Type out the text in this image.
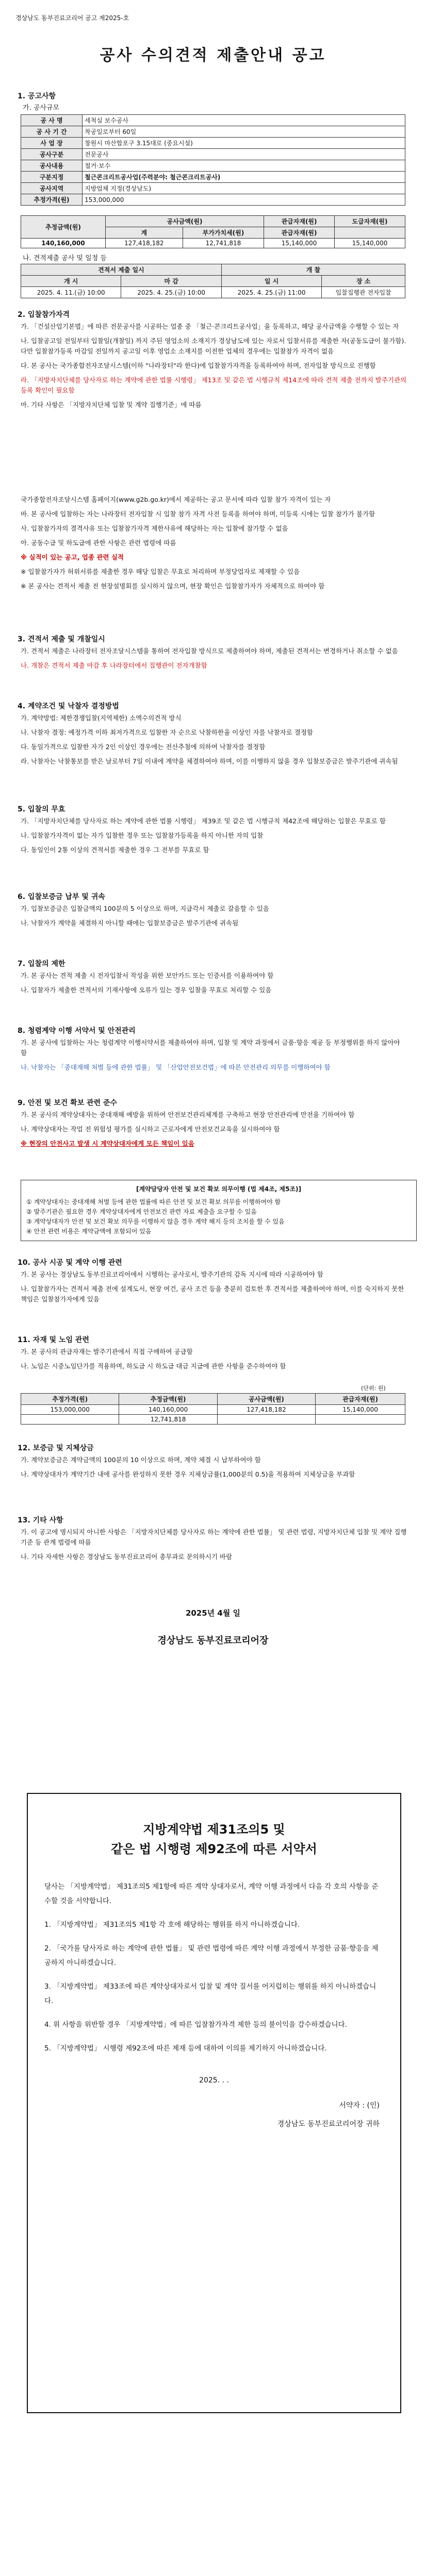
경상남도 동부진료코리어 공고 제2025-호
공사 수의견적 제출안내 공고
1. 공고사항
가. 공사규모
공 사 명	세척실 보수공사
공 사 기 간	착공일로부터 60일
사 업 장	창원시 마산합포구 3.15대로 (중요시설)
공사구분	전문공사
공사내용	철거·보수
구분지정	철근콘크리트공사업(주력분야: 철근콘크리트공사)
공사지역	지방업체 지정(경상남도)
추정가격(원)	153,000,000
추정금액(원)	공사금액(원)		관급자재(원)	도급자재(원)
	계	부가가치세(원)	관급자재(원)	
140,160,000	127,418,182	12,741,818	15,140,000	15,140,000
나. 견적제출 공사 및 일정 등
견적서 제출 일시		개 찰	
개 시	마 감	일 시	장 소
2025. 4. 11.(금) 10:00	2025. 4. 25.(금) 10:00	2025. 4. 25.(금) 11:00	입찰집행관 전자입찰
2. 입찰참가자격

가. 「건설산업기본법」에 따른 전문공사를 시공하는 업종 중 「철근·콘크리트공사업」을 등록하고, 해당 공사금액을 수행할 수 있는 자

나. 입찰공고일 전일부터 입찰일(개찰일) 까지 주된 영업소의 소재지가 경상남도에 있는 자로서 입찰서류를 제출한 자(공동도급이 불가함). 다만 입찰참가등록 마감일 전일까지 공고일 이후 영업소 소재지를 이전한 업체의 경우에는 입찰참가 자격이 없음

다. 본 공사는 국가종합전자조달시스템(이하 "나라장터"라 한다)에 입찰참가자격을 등록하여야 하며, 전자입찰 방식으로 진행함

라. 「지방자치단체를 당사자로 하는 계약에 관한 법률 시행령」 제13조 및 같은 법 시행규칙 제14조에 따라 견적 제출 전까지 발주기관의 등록 확인이 필요함

마. 기타 사항은 「지방자치단체 입찰 및 계약 집행기준」에 따름

국가종합전자조달시스템 홈페이지(www.g2b.go.kr)에서 제공하는 공고 문서에 따라 입찰 참가 자격이 있는 자

바. 본 공사에 입찰하는 자는 나라장터 전자입찰 시 입찰 참가 자격 사전 등록을 하여야 하며, 미등록 시에는 입찰 참가가 불가함

사. 입찰참가자의 결격사유 또는 입찰참가자격 제한사유에 해당하는 자는 입찰에 참가할 수 없음

아. 공동수급 및 하도급에 관한 사항은 관련 법령에 따름

※ 실적이 있는 공고, 업종 관련 실적

※ 입찰참가자가 허위서류를 제출한 경우 해당 입찰은 무효로 처리하며 부정당업자로 제재할 수 있음

※ 본 공사는 견적서 제출 전 현장설명회를 실시하지 않으며, 현장 확인은 입찰참가자가 자체적으로 하여야 함

3. 견적서 제출 및 개찰일시

가. 견적서 제출은 나라장터 전자조달시스템을 통하여 전자입찰 방식으로 제출하여야 하며, 제출된 견적서는 변경하거나 취소할 수 없음

나. 개찰은 견적서 제출 마감 후 나라장터에서 집행관이 전자개찰함

4. 계약조건 및 낙찰자 결정방법

가. 계약방법: 제한경쟁입찰(지역제한) 소액수의견적 방식

나. 낙찰자 결정: 예정가격 이하 최저가격으로 입찰한 자 순으로 낙찰하한율 이상인 자를 낙찰자로 결정함

다. 동일가격으로 입찰한 자가 2인 이상인 경우에는 전산추첨에 의하여 낙찰자를 결정함

라. 낙찰자는 낙찰통보를 받은 날로부터 7일 이내에 계약을 체결하여야 하며, 이를 이행하지 않을 경우 입찰보증금은 발주기관에 귀속됨

5. 입찰의 무효

가. 「지방자치단체를 당사자로 하는 계약에 관한 법률 시행령」 제39조 및 같은 법 시행규칙 제42조에 해당하는 입찰은 무효로 함

나. 입찰참가자격이 없는 자가 입찰한 경우 또는 입찰참가등록을 하지 아니한 자의 입찰

다. 동일인이 2통 이상의 견적서를 제출한 경우 그 전부를 무효로 함

6. 입찰보증금 납부 및 귀속

가. 입찰보증금은 입찰금액의 100분의 5 이상으로 하며, 지급각서 제출로 갈음할 수 있음

나. 낙찰자가 계약을 체결하지 아니할 때에는 입찰보증금은 발주기관에 귀속됨

7. 입찰의 제한

가. 본 공사는 견적 제출 시 전자입찰서 작성을 위한 보안카드 또는 인증서를 이용하여야 함

나. 입찰자가 제출한 견적서의 기재사항에 오류가 있는 경우 입찰을 무효로 처리할 수 있음

8. 청렴계약 이행 서약서 및 안전관리

가. 본 공사에 입찰하는 자는 청렴계약 이행서약서를 제출하여야 하며, 입찰 및 계약 과정에서 금품·향응 제공 등 부정행위를 하지 않아야 함

나. 낙찰자는 「중대재해 처벌 등에 관한 법률」 및 「산업안전보건법」에 따른 안전관리 의무를 이행하여야 함

9. 안전 및 보건 확보 관련 준수

가. 본 공사의 계약상대자는 중대재해 예방을 위하여 안전보건관리체계를 구축하고 현장 안전관리에 만전을 기하여야 함

나. 계약상대자는 작업 전 위험성 평가를 실시하고 근로자에게 안전보건교육을 실시하여야 함

※ 현장의 안전사고 발생 시 계약상대자에게 모든 책임이 있음

[계약담당자 안전 및 보건 확보 의무이행 (법 제4조, 제5조)]
① 계약상대자는 중대재해 처벌 등에 관한 법률에 따른 안전 및 보건 확보 의무를 이행하여야 함
② 발주기관은 필요한 경우 계약상대자에게 안전보건 관련 자료 제출을 요구할 수 있음
③ 계약상대자가 안전 및 보건 확보 의무를 이행하지 않을 경우 계약 해지 등의 조치를 할 수 있음
④ 안전 관련 비용은 계약금액에 포함되어 있음
10. 공사 시공 및 계약 이행 관련

가. 본 공사는 경상남도 동부진료코리어에서 시행하는 공사로서, 발주기관의 감독 지시에 따라 시공하여야 함

나. 입찰참가자는 견적서 제출 전에 설계도서, 현장 여건, 공사 조건 등을 충분히 검토한 후 견적서를 제출하여야 하며, 이를 숙지하지 못한 책임은 입찰참가자에게 있음

11. 자재 및 노임 관련

가. 본 공사의 관급자재는 발주기관에서 직접 구매하여 공급함

나. 노임은 시중노임단가를 적용하며, 하도급 시 하도급 대금 지급에 관한 사항을 준수하여야 함

(단위: 원)
추정가격(원)	추정금액(원)	공사금액(원)	관급자재(원)
153,000,000	140,160,000	127,418,182	15,140,000
	12,741,818		
12. 보증금 및 지체상금

가. 계약보증금은 계약금액의 100분의 10 이상으로 하며, 계약 체결 시 납부하여야 함

나. 계약상대자가 계약기간 내에 공사를 완성하지 못한 경우 지체상금률(1,000분의 0.5)을 적용하여 지체상금을 부과함

13. 기타 사항

가. 이 공고에 명시되지 아니한 사항은 「지방자치단체를 당사자로 하는 계약에 관한 법률」 및 관련 법령, 지방자치단체 입찰 및 계약 집행기준 등 관계 법령에 따름

나. 기타 자세한 사항은 경상남도 동부진료코리어 총무과로 문의하시기 바람

2025년 4월 일
경상남도 동부진료코리어장
지방계약법 제31조의5 및
같은 법 시행령 제92조에 따른 서약서

당사는 「지방계약법」 제31조의5 제1항에 따른 계약 상대자로서, 계약 이행 과정에서 다음 각 호의 사항을 준수할 것을 서약합니다.

1. 「지방계약법」 제31조의5 제1항 각 호에 해당하는 행위를 하지 아니하겠습니다.

2. 「국가를 당사자로 하는 계약에 관한 법률」 및 관련 법령에 따른 계약 이행 과정에서 부정한 금품·향응을 제공하지 아니하겠습니다.

3. 「지방계약법」 제33조에 따른 계약상대자로서 입찰 및 계약 질서를 어지럽히는 행위를 하지 아니하겠습니다.

4. 위 사항을 위반할 경우 「지방계약법」에 따른 입찰참가자격 제한 등의 불이익을 감수하겠습니다.

5. 「지방계약법」 시행령 제92조에 따른 제재 등에 대하여 이의를 제기하지 아니하겠습니다.

2025. . .
서약자 : (인)
경상남도 동부진료코리어장 귀하
